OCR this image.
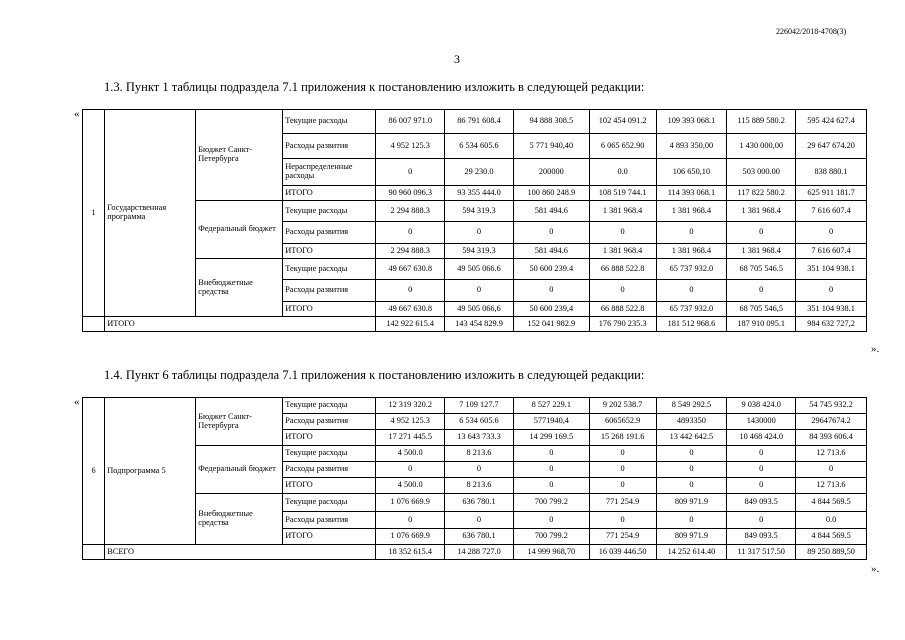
226042/2018-4708(3)
3
1.3. Пункт 1 таблицы подраздела 7.1 приложения к постановлению изложить в следующей редакции:
«
».
1	Государственная программа	Бюджет Санкт-Петербурга	Текущие расходы	86 007 971.0	86 791 608.4	94 888 308.5	102 454 091.2	109 393 068.1	115 889 580.2	595 424 627.4
			Расходы развития	4 952 125.3	6 534 605.6	5 771 940,40	6 065 652.90	4 893 350,00	1 430 000,00	29 647 674.20
			Нераспределенные расходы	0	29 230.0	200000	0.0	106 650,10	503 000.00	838 880.1
			ИТОГО	90 960 096.3	93 355 444.0	100 860 248.9	108 519 744.1	114 393 068.1	117 822 580.2	625 911 181.7
		Федеральный бюджет	Текущие расходы	2 294 888.3	594 319.3	581 494.6	1 381 968.4	1 381 968.4	1 381 968.4	7 616 607.4
			Расходы развития	0	0	0	0	0	0	0
			ИТОГО	2 294 888.3	594 319.3	581 494.6	1 381 968.4	1 381 968.4	1 381 968.4	7 616 607.4
		Внебюджетные средства	Текущие расходы	49 667 630.8	49 505 066.6	50 600 239.4	66 888 522.8	65 737 932.0	68 705 546.5	351 104 938.1
			Расходы развития	0	0	0	0	0	0	0
			ИТОГО	49 667 630.8	49 505 066,6	50 600 239,4	66 888 522.8	65 737 932.0	68 705 546,5	351 104 938.1
	ИТОГО			142 922 615.4	143 454 829.9	152 041 982.9	176 790 235.3	181 512 968.6	187 910 095.1	984 632 727,2
1.4. Пункт 6 таблицы подраздела 7.1 приложения к постановлению изложить в следующей редакции:
«
».
6	Подпрограмма 5	Бюджет Санкт-Петербурга	Текущие расходы	12 319 320.2	7 109 127.7	8 527 229.1	9 202 538.7	8 549 292.5	9 038 424.0	54 745 932.2
			Расходы развития	4 952 125.3	6 534 605.6	5771940,4	6065652.9	4893350	1430000	29647674.2
			ИТОГО	17 271 445.5	13 643 733.3	14 299 169.5	15 268 191.6	13 442 642.5	10 468 424.0	84 393 606.4
		Федеральный бюджет	Текущие расходы	4 500.0	8 213.6	0	0	0	0	12 713.6
			Расходы развития	0	0	0	0	0	0	0
			ИТОГО	4 500.0	8 213.6	0	0	0	0	12 713.6
		Внебюджетные средства	Текущие расходы	1 076 669.9	636 780.1	700 799.2	771 254.9	809 971.9	849 093.5	4 844 569.5
			Расходы развития	0	0	0	0	0	0	0.0
			ИТОГО	1 076 669.9	636 780.1	700 799.2	771 254.9	809 971.9	849 093.5	4 844 569.5
	ВСЕГО			18 352 615.4	14 288 727.0	14 999 968,70	16 039 446.50	14 252 614.40	11 317 517.50	89 250 889,50
